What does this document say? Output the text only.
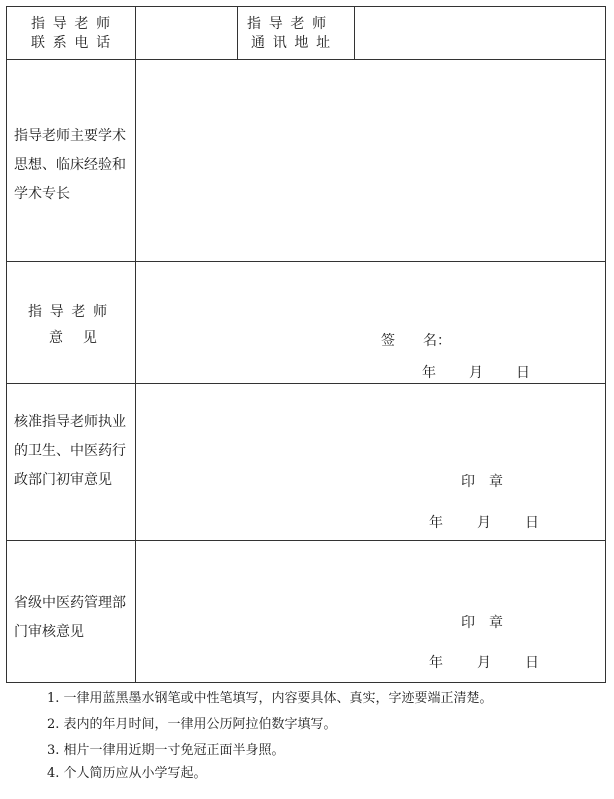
指导老师
联系电话
指导老师
通讯地址
指导老师主要学术思想、临床经验和学术专长
指导老师
意 见	签　　名：
年 月 日
核准指导老师执业的卫生、中医药行政部门初审意见	印　章
年 月 日
省级中医药管理部门审核意见
印　章
年 月 日
1. 一律用蓝黑墨水钢笔或中性笔填写，内容要具体、真实，字迹要端正清楚。
2. 表内的年月时间，一律用公历阿拉伯数字填写。
3. 相片一律用近期一寸免冠正面半身照。
4. 个人简历应从小学写起。
